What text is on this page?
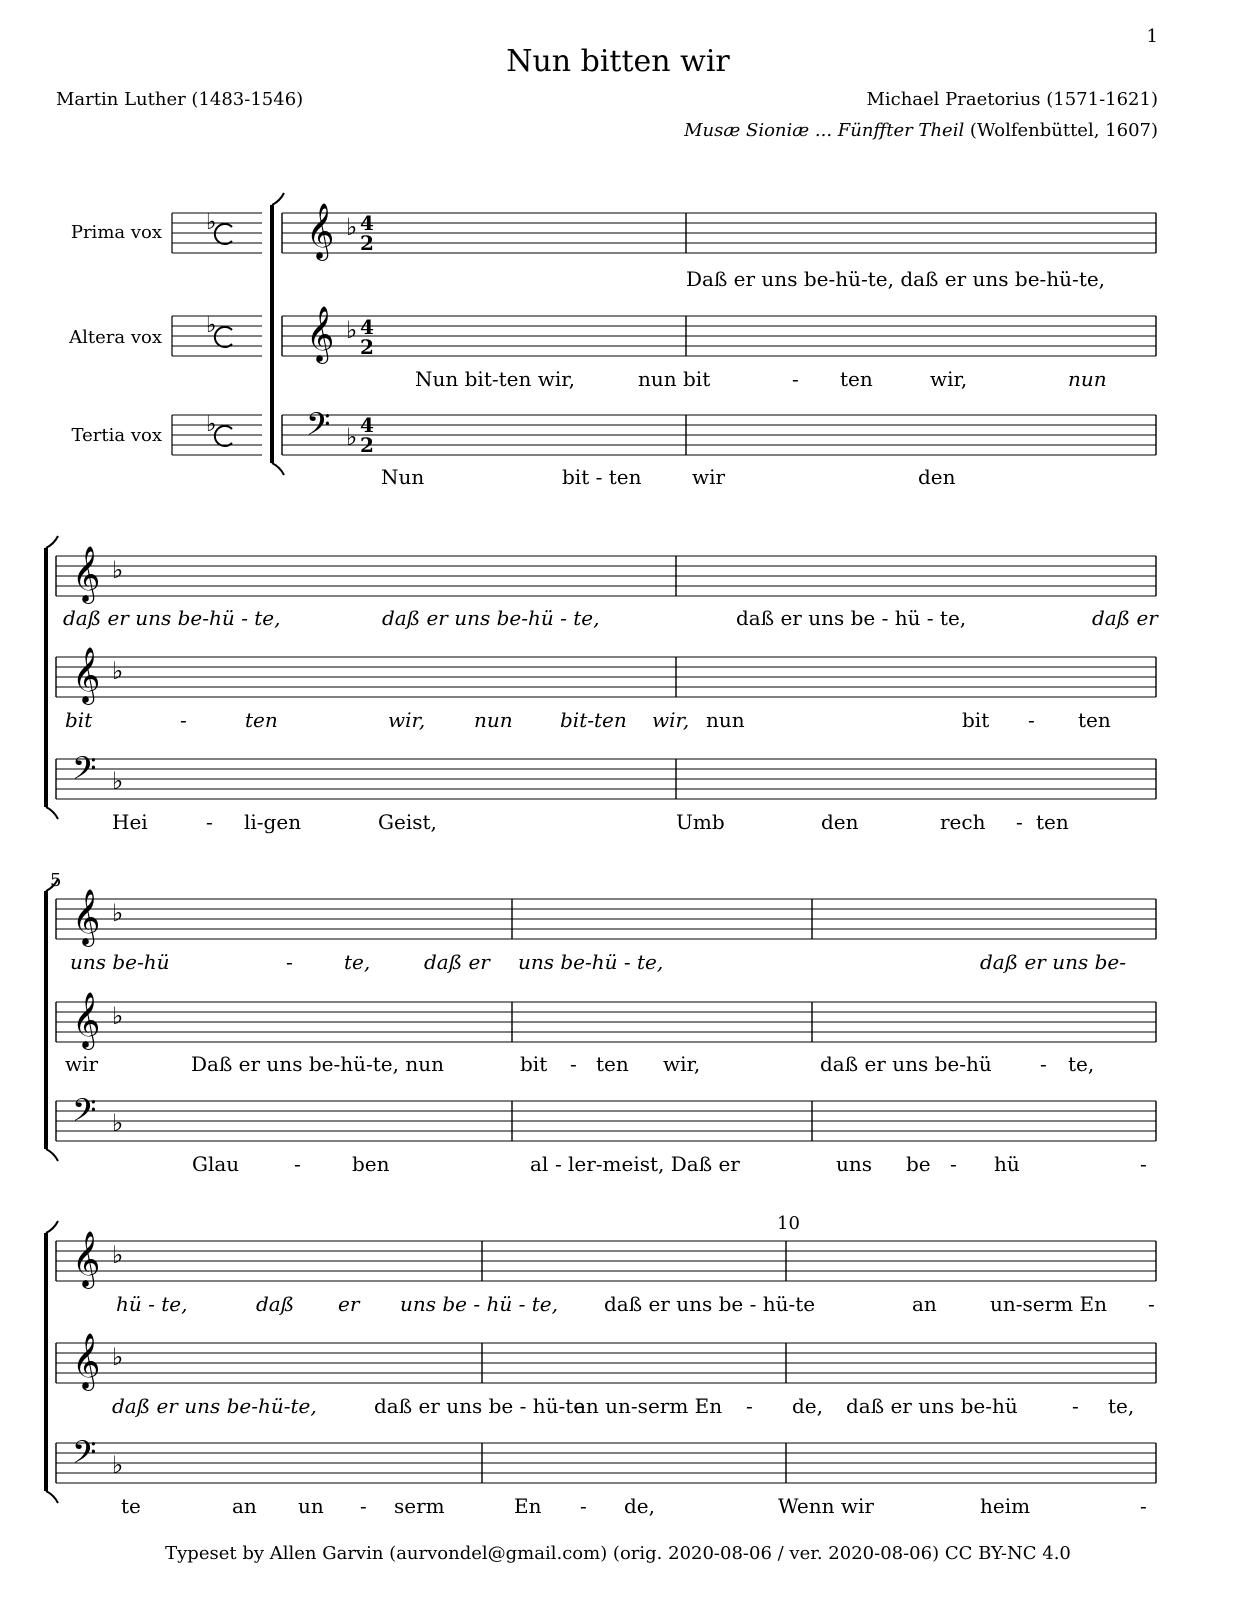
1
Nun bitten wir
Martin Luther (1483-1546)	Michael Praetorius (1571-1621)
Musæ Sioniæ ... Fünffter Theil (Wolfenbüttel, 1607)
Prima vox
Altera vox
Tertia vox
5
10
𝄞 ♭
𝄞 ♭
𝄢 ♭
𝄞 ♭
𝄞 ♭
𝄢 ♭
𝄞 ♭
𝄞 ♭
𝄢 ♭
𝄞 ♭
𝄞 ♭
𝄢 ♭
♭
♭
♭
4
2
4
2
4
2
Daß er uns be-hü-te, daß er uns be-hü-te,
Nun bit-ten wir,	nun bit	- ten	wir,	nun
Nun	bit - ten	wir	den
daß er uns be-hü - te,	daß er uns be-hü - te,	daß er uns be - hü - te,	daß er
bit	-	ten	wir, nun bit-ten wir, nun	bit - ten
Hei	- li-gen	Geist,	Umb	den	rech - ten
uns be-hü	-	te,	daß er uns be-hü - te,	daß er uns be-
wir	Daß er uns be-hü-te, nun	bit - ten wir,	daß er uns be-hü - te,
Glau	-	ben	al - ler-meist, Daß er	uns be - hü	-
hü - te,	daß er uns be - hü - te, daß er uns be - hü-te	an	un-serm En -
daß er uns be-hü-te,	daß er uns be - hü-te
an un-serm En - de, daß er uns be-hü	- te,
te	an un - serm	En - de,	Wenn wir	heim	-
Typeset by Allen Garvin (aurvondel@gmail.com) (orig. 2020-08-06 / ver. 2020-08-06) CC BY-NC 4.0
